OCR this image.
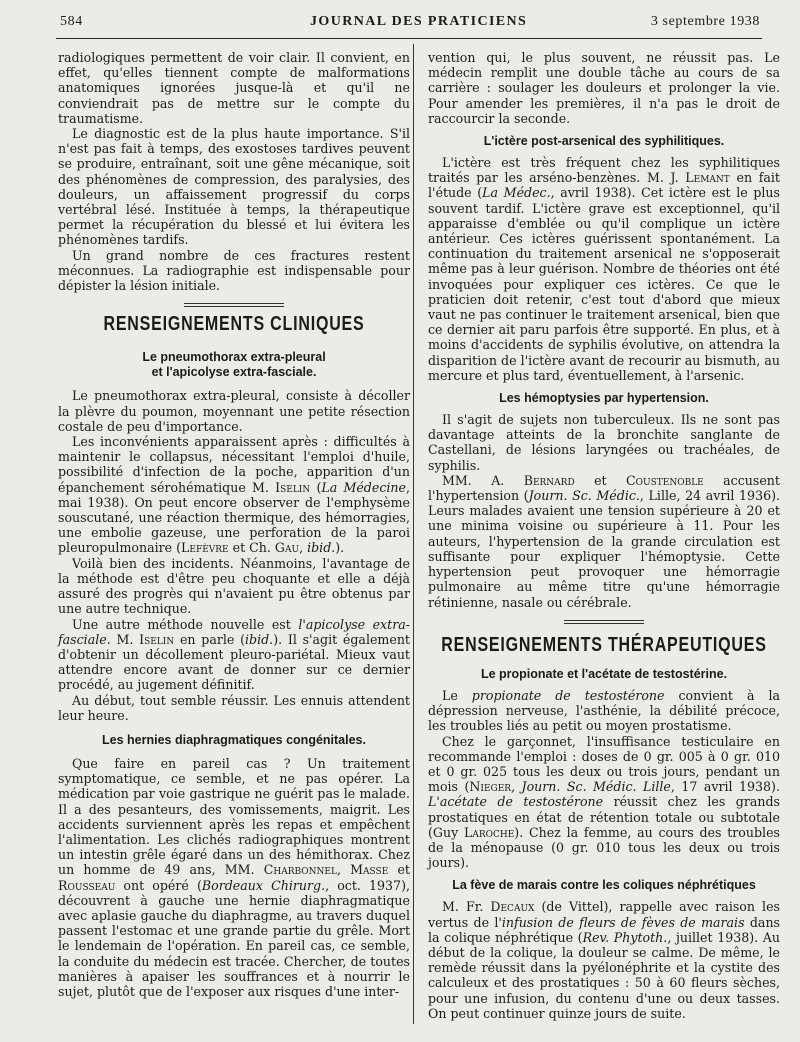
584	JOURNAL DES PRATICIENS	3 septembre 1938

radiologiques permettent de voir clair. Il convient, en effet, qu'elles tiennent compte de malformations anatomiques ignorées jusque-là et qu'il ne conviendrait pas de mettre sur le compte du traumatisme.

Le diagnostic est de la plus haute importance. S'il n'est pas fait à temps, des exostoses tardives peuvent se produire, entraînant, soit une gêne mécanique, soit des phénomènes de compression, des paralysies, des douleurs, un affaissement progressif du corps vertébral lésé. Instituée à temps, la thérapeutique permet la récupération du blessé et lui évitera les phénomènes tardifs.

Un grand nombre de ces fractures restent méconnues. La radiographie est indispensable pour dépister la lésion initiale.

RENSEIGNEMENTS CLINIQUES
Le pneumothorax extra-pleural
et l'apicolyse extra-fasciale.

Le pneumothorax extra-pleural, consiste à décoller la plèvre du poumon, moyennant une petite résection costale de peu d'importance.

Les inconvénients apparaissent après : difficultés à maintenir le collapsus, nécessitant l'emploi d'huile, possibilité d'infection de la poche, apparition d'un épanchement sérohématique M. Iselin (La Médecine, mai 1938). On peut encore observer de l'emphysème souscutané, une réaction thermique, des hémorragies, une embolie gazeuse, une perforation de la paroi pleuropulmonaire (Lefèvre et Ch. Gau, ibid.).

Voilà bien des incidents. Néanmoins, l'avantage de la méthode est d'être peu choquante et elle a déjà assuré des progrès qui n'avaient pu être obtenus par une autre technique.

Une autre méthode nouvelle est l'apicolyse extra-fasciale. M. Iselin en parle (ibid.). Il s'agit également d'obtenir un décollement pleuro-pariétal. Mieux vaut attendre encore avant de donner sur ce dernier procédé, au jugement définitif.

Au début, tout semble réussir. Les ennuis attendent leur heure.

Les hernies diaphragmatiques congénitales.

Que faire en pareil cas ? Un traitement symptomatique, ce semble, et ne pas opérer. La médication par voie gastrique ne guérit pas le malade. Il a des pesanteurs, des vomissements, maigrit. Les accidents surviennent après les repas et empêchent l'alimentation. Les clichés radiographiques montrent un intestin grêle égaré dans un des hémithorax. Chez un homme de 49 ans, MM. Charbonnel, Masse et Rousseau ont opéré (Bordeaux Chirurg., oct. 1937), découvrent à gauche une hernie diaphragmatique avec aplasie gauche du diaphragme, au travers duquel passent l'estomac et une grande partie du grêle. Mort le lendemain de l'opération. En pareil cas, ce semble, la conduite du médecin est tracée. Chercher, de toutes manières à apaiser les souffrances et à nourrir le sujet, plutôt que de l'exposer aux risques d'une inter-

vention qui, le plus souvent, ne réussit pas. Le médecin remplit une double tâche au cours de sa carrière : soulager les douleurs et prolonger la vie. Pour amender les premières, il n'a pas le droit de raccourcir la seconde.

L'ictère post-arsenical des syphilitiques.

L'ictère est très fréquent chez les syphilitiques traités par les arséno-benzènes. M. J. Lemant en fait l'étude (La Médec., avril 1938). Cet ictère est le plus souvent tardif. L'ictère grave est exceptionnel, qu'il apparaisse d'emblée ou qu'il complique un ictère antérieur. Ces ictères guérissent spontanément. La continuation du traitement arsenical ne s'opposerait même pas à leur guérison. Nombre de théories ont été invoquées pour expliquer ces ictères. Ce que le praticien doit retenir, c'est tout d'abord que mieux vaut ne pas continuer le traitement arsenical, bien que ce dernier ait paru parfois être supporté. En plus, et à moins d'accidents de syphilis évolutive, on attendra la disparition de l'ictère avant de recourir au bismuth, au mercure et plus tard, éventuellement, à l'arsenic.

Les hémoptysies par hypertension.

Il s'agit de sujets non tuberculeux. Ils ne sont pas davantage atteints de la bronchite sanglante de Castellani, de lésions laryngées ou trachéales, de syphilis.

MM. A. Bernard et Coustenoble accusent l'hypertension (Journ. Sc. Médic., Lille, 24 avril 1936). Leurs malades avaient une tension supérieure à 20 et une minima voisine ou supérieure à 11. Pour les auteurs, l'hypertension de la grande circulation est suffisante pour expliquer l'hémoptysie. Cette hypertension peut provoquer une hémorragie pulmonaire au même titre qu'une hémorragie rétinienne, nasale ou cérébrale.

RENSEIGNEMENTS THÉRAPEUTIQUES
Le propionate et l'acétate de testostérine.

Le propionate de testostérone convient à la dépression nerveuse, l'asthénie, la débilité précoce, les troubles liés au petit ou moyen prostatisme.

Chez le garçonnet, l'insuffisance testiculaire en recommande l'emploi : doses de 0 gr. 005 à 0 gr. 010 et 0 gr. 025 tous les deux ou trois jours, pendant un mois (Nieger, Journ. Sc. Médic. Lille, 17 avril 1938). L'acétate de testostérone réussit chez les grands prostatiques en état de rétention totale ou subtotale (Guy Laroche). Chez la femme, au cours des troubles de la ménopause (0 gr. 010 tous les deux ou trois jours).

La fève de marais contre les coliques néphrétiques

M. Fr. Decaux (de Vittel), rappelle avec raison les vertus de l'infusion de fleurs de fèves de marais dans la colique néphrétique (Rev. Phytoth., juillet 1938). Au début de la colique, la douleur se calme. De même, le remède réussit dans la pyélonéphrite et la cystite des calculeux et des prostatiques : 50 à 60 fleurs sèches, pour une infusion, du contenu d'une ou deux tasses. On peut continuer quinze jours de suite.
